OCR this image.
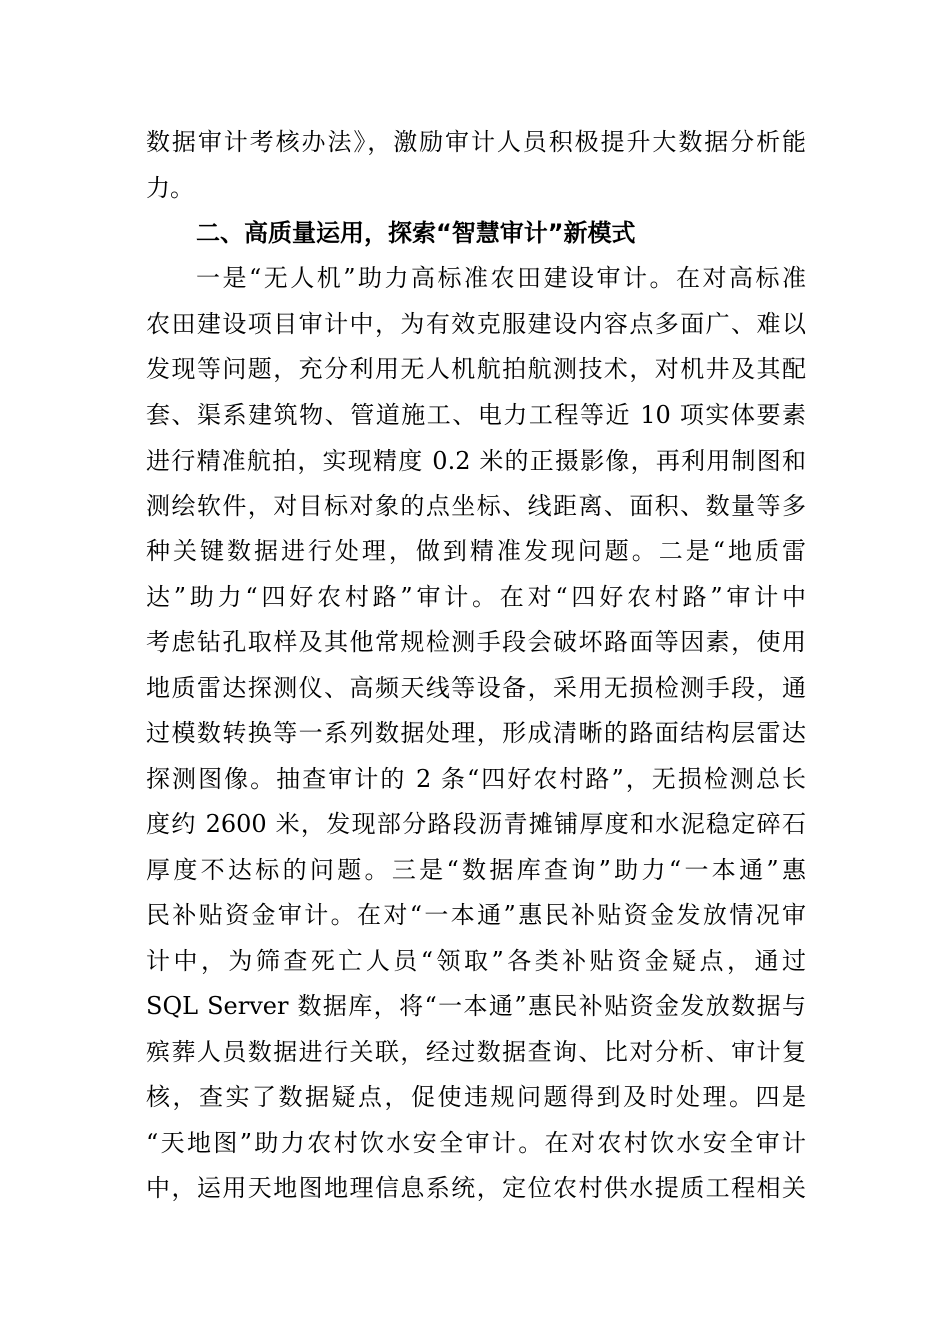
数据审计考核办法》，激励审计人员积极提升大数据分析能
力。
二、高质量运用，探索“智慧审计”新模式
一是“无人机”助力高标准农田建设审计。在对高标准
农田建设项目审计中，为有效克服建设内容点多面广、难以
发现等问题，充分利用无人机航拍航测技术，对机井及其配
套、渠系建筑物、管道施工、电力工程等近 10 项实体要素
进行精准航拍，实现精度 0.2 米的正摄影像，再利用制图和
测绘软件，对目标对象的点坐标、线距离、面积、数量等多
种关键数据进行处理，做到精准发现问题。二是“地质雷
达”助力“四好农村路”审计。在对“四好农村路”审计中
考虑钻孔取样及其他常规检测手段会破坏路面等因素，使用
地质雷达探测仪、高频天线等设备，采用无损检测手段，通
过模数转换等一系列数据处理，形成清晰的路面结构层雷达
探测图像。抽查审计的 2 条“四好农村路”，无损检测总长
度约 2600 米，发现部分路段沥青摊铺厚度和水泥稳定碎石
厚度不达标的问题。三是“数据库查询”助力“一本通”惠
民补贴资金审计。在对“一本通”惠民补贴资金发放情况审
计中，为筛查死亡人员“领取”各类补贴资金疑点，通过
SQL Server 数据库，将“一本通”惠民补贴资金发放数据与
殡葬人员数据进行关联，经过数据查询、比对分析、审计复
核，查实了数据疑点，促使违规问题得到及时处理。四是
“天地图”助力农村饮水安全审计。在对农村饮水安全审计
中，运用天地图地理信息系统，定位农村供水提质工程相关
